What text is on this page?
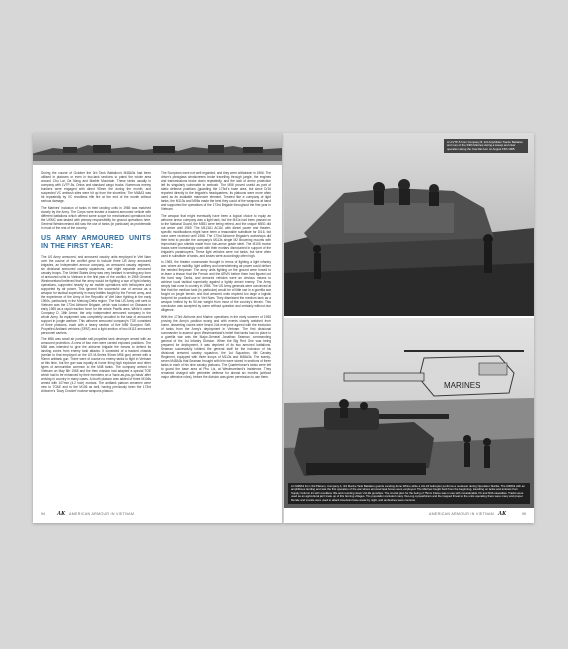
During the course of October the 3rd Tank Battalion's M48A3s had been utilised in platoons or even in two-tank sections to patrol the whole area around Chu Lai, Da Nang and Marble Mountain. These tanks usually in company with LVTP-5s, Ontos and standard cargo trucks. Numerous enemy bunkers were engaged with direct 90mm fire during the month, and suspected VC ambush sites were hit up from the shoreline. The M48A3 was hit repeatedly by VC recoilless rifle fire at the end of the month without serious damage.

The Marines' inclusion of tanks in their landing units in 1965 was matched closely by the Army. The Corps were trusted a tracked armoured vehicle with different battalions which offered some scope for mechanised operations but the USMC was tasked with primary responsibility for ground operations here. General Westmoreland still saw the use of tanks (in particular) as problematic in most of the rest of the country.

US ARMY ARMOURED UNITS IN THE FIRST YEAR:

The US Army armoured, and armoured cavalry units employed in Viet Nam over the course of the conflict grew to include three US Army armoured brigades, an independent armour company, an armoured cavalry regiment, six divisional armoured cavalry squadrons, and eight separate armoured cavalry troops. The United States Army was very hesitant in sending any form of armoured units to Vietnam in the first year of the conflict. In 1965 General Westmoreland believed that the army would be fighting a war of light infantry operations, supported heavily by air mobile operations with helicopters and supported by air power. This ignored the successful use of armour as a weapon for tactical superiority in many battles fought by the French army, and the experience of the Army of the Republic of Viet Nam fighting in the early 1960s, particularly in the Mekong Delta region. The first US Army unit sent to Vietnam was the 173rd Airborne Brigade, which was located on Okinawa in early 1965 as a rapid reaction force for the whole Pacific area. While it came Company D, 16th Armor, the only independent armoured company in the whole Army. Its equipment was completely unsuited to the task of armoured support in jungle warfare. This airborne armoured company's TOE consisted of three platoons, each with a heavy section of five M56 Scorpion Self-Propelled Antitank vehicles (SPAT) and a light section of two M113 armoured personnel carriers.

The M56 was small air portable self-propelled tank destroyer armed with an armoured protection. A crew of four men were carried exposed positions. The M56 was intended to give the airborne brigade the means to defend its landing zones from enemy tank attacks. It consisted of a tracked chassis (similar to that employed on the US M-Series 90mm M56 gun) armed with a 90mm antitank gun. There were of course no enemy tanks to fight in Vietnam at this time, but the gun was equally at home firing high explosive and other types of ammunition common to the M48 tanks. The company arrived in Vietnam on May 5th 1965 and the then mission had adapted a special TOE which had to be enhanced by their members on a 'have-as-you-go basis' after arriving in country in many cases. A fourth platoon was added of three M106s armed with 107mm (4.2 inch) mortars. The antitank platoon crewmen were new to TO&E and to the M106 as well, having previously been the 173rd Airborne's 'Davy Crocket' nuclear weapons platoon.

The Scorpions were not well regarded, and they were withdrawn in 1966. The driver's plexiglass windscreens broke travelling through jungle, the engines and transmissions broke down repeatedly, and the lack of armor protection left its singularly vulnerable to ambush. The M56 proved useful as part of static defense positions (guarding the 173rd's base area, but since D/16 reported directly to the brigade's headquarters, its platoons were more often used as its available maneuver element. Treated like a company of light tanks, the M113s and M56s made the best they could of the weapons at hand and supported the operations of the 173rd Brigade throughout the first year in Vietnam.

The weapon that might eventually have been a logical choice to equip an airborne armor company was a light tank, but the M41s had been passed on to the National Guard, the M551 were being retired, and the unique M551 did not arrive until 1969. The M113A1 ACAV, with diesel power and theater-specific modifications might have been a reasonable substitute for D/16, but none were received until 1968. The 173rd Airborne Brigade's workshops did their best to provide the company's M113s single M2 Browning mounts with improvised gun shields made from non-armor grade steel. The M106 mortar tracks were increasingly used with their mortars dismounted in support of the brigade's paratroopers. These light vehicles were not tanks, but were often used in substitute of tanks, and losses were accordingly often high.

In 1965, the theater commander thought in terms of fighting a light infantry war, where air mobility, light artillery and overwhelming air power could deliver the needed firepower. The army units fighting on the ground were forced to re-learn a lesson that the French and the ARVN before them had figured out the hard way. Tanks, and armored vehicles were an obvious means to achieve local tactical superiority against a lightly armed enemy. The Army simply had none in country in 1965. The US Army generals were convinced at first that the medium tank (in particular) would be of little use in a guerilla war fought on jungle terrain, and that armored units required too large a logistic footprint for practical use in Viet Nam. They dismissed the medium tank as a weapon limited by its 50-ton weight from most of the country's terrain. This conclusion was accepted by some without question and certainly without due diligence.

With the 173rd Airborne and Marine operations in the early summer of 1965 proving the Army's position wrong and with events closely watched from home, dissenting voices were heard. Not everyone agreed with the exclusion of tanks from the Army's deployment in Vietnam. The first divisional commander to ascend upon Westmoreland's belief that tanks had no place in a guerilla war was the Major-General Jonathan Seaman, commanding general of the 1st Infantry Division. When the Big Red One was being prepared for deployment, it was deprived of its two armored battalions. Seaman successfully lobbied the general staff for the inclusion of his divisional armored cavalry squadron, the 1st Squadron, 4th Cavalry Regiment, equipped with three troops of M113s and M48A3s. The twenty-seven M48A3s that Seaman brought with him were stored in sections of three tanks in each of his nine cavalry platoons. The Quarterhorse's tanks were left to guard the base area at Phu Loi, at Westmoreland's insistence. They remained charged with perimeter defense for almost six months (without major offensive roles), before the division was given permission to use them.

94	AK AMERICAN ARMOUR IN VIETNAM
An LVTP-5 from Company B, 3rd Amphibian Tractor Battalion and men of the 3/9th Marines during a sweep and clear operation along the Cua Dai river on August 15th 1965.
MARINES
An M48A3 from 3rd Platoon, Company A, 3rd Marine Tank Battalion guards Landing Zone Whine while a UH-34 helicopter performs a medevac during Operation Starlite. The M48A3 with an amphibious landing and was the first operation of the war where armored task forces were employed. The Marines fought hard from the beginning, travelling on tanks and amtracs from Supply Column 21 with recoilless rifle and rounding down UH-1E gunships. The crucial plan for the being of 75mm Flame was in use with considerable VC and NVA casualties. Tracks were used as an agricultural jazz trade up of this farming villages. The population included many Viet-ong sympathizers and the trapped threat to the units operating there were many and proper. Morale and morale were used to attack American base areas by night, and ambushes were common.
AMERICAN ARMOUR IN VIETNAM AK	95
